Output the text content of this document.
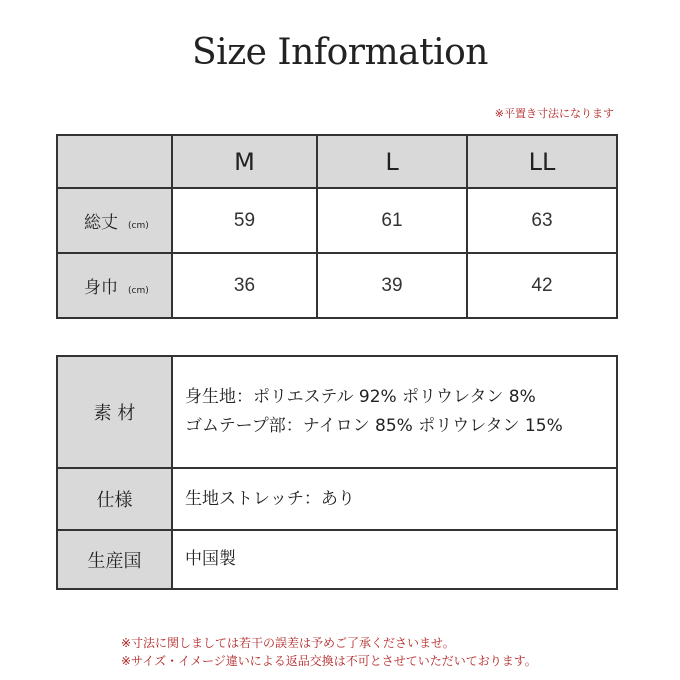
Size Information
※平置き寸法になります
	M	L	LL
総丈 (cm)	59	61	63
身巾 (cm)	36	39	42
素 材	身生地：ポリエステル 92% ポリウレタン 8%
ゴムテープ部：ナイロン 85% ポリウレタン 15%

仕様	生地ストレッチ：あり
生産国	中国製
※寸法に関しましては若干の誤差は予めご了承くださいませ。
※サイズ・イメージ違いによる返品交換は不可とさせていただいております。
